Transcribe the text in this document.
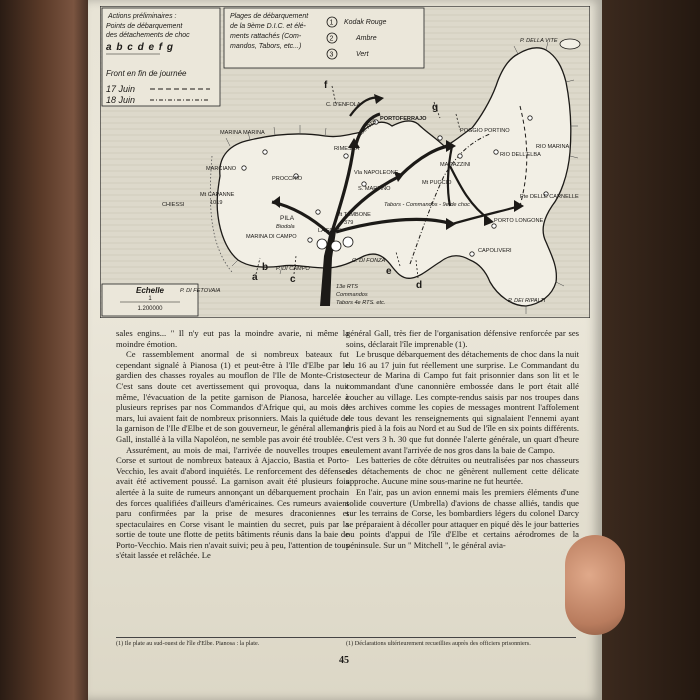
Actions préliminaires :
Points de débarquement
des détachements de choc
a b c d e f g
Front en fin de journée
17 Juin
18 Juin
Plages de débarquement
de la 9ème D.I.C. et élé-
ments rattachés (Com-
mandos, Tabors, etc...)
1
2
3
Kodak Rouge
Ambre
Vert
Echelle
1
1.200000
MARINA MARINA
MARCIANO
CHIESSI
Mt CAPANNE
1019
PROCCHIO
PILA
Biodola
RIMESSA
PORTOFERRAJO
C. D'ENFOLA
Vla NAPOLEONE
S. MARTINO
MARINA DI CAMPO
LA FOCE
Mt TAMBONE
379
Tabors - Commandos - 9e de choc
Mt PUCCIO
POGGIO PORTINO
MAGAZZINI
RIO DELL'ELBA
RIO MARINA
PORTO LONGONE
Pte DELLE CARNELLE
CAPOLIVERI
P. DELLA VITE
P. DI FETOVAIA
P. DI CAMPO
C. DI FONZA
P. DEI RIPALTI
13e RTS
Commandos
Tabors 4e RTS. etc.
13e RTS
a
b
c
d
e
f
g

sales engins... " Il n'y eut pas la moindre avarie, ni même la moindre émotion.

Ce rassemblement anormal de si nombreux bateaux fut cependant signalé à Pianosa (1) et peut-être à l'Ile d'Elbe par le gardien des chasses royales au mouflon de l'Ile de Monte-Cristo. C'est sans doute cet avertissement qui provoqua, dans la nuit même, l'évacuation de la petite garnison de Pianosa, harcelée à plusieurs reprises par nos Commandos d'Afrique qui, au mois de mars, lui avaient fait de nombreux prisonniers. Mais la quiétude de la garnison de l'Ile d'Elbe et de son gouverneur, le général allemand Gall, installé à la villa Napoléon, ne semble pas avoir été troublée.

Assurément, au mois de mai, l'arrivée de nouvelles troupes en Corse et surtout de nombreux bateaux à Ajaccio, Bastia et Porto-Vecchio, les avait d'abord inquiétés. Le renforcement des défenses avait été activement poussé. La garnison avait été plusieurs fois alertée à la suite de rumeurs annonçant un débarquement prochain des forces qualifiées d'ailleurs d'américaines. Ces rumeurs avaient paru confirmées par la prise de mesures draconiennes et spectaculaires en Corse visant le maintien du secret, puis par la sortie de toute une flotte de petits bâtiments réunis dans la baie de Porto-Vecchio. Mais rien n'avait suivi; peu à peu, l'attention de tous s'était lassée et relâchée. Le

général Gall, très fier de l'organisation défensive renforcée par ses soins, déclarait l'île imprenable (1).

Le brusque débarquement des détachements de choc dans la nuit du 16 au 17 juin fut réellement une surprise. Le Commandant du secteur de Marina di Campo fut fait prisonnier dans son lit et le commandant d'une canonnière embossée dans le port était allé coucher au village. Les compte-rendus saisis par nos troupes dans les archives comme les copies de messages montrent l'affolement de tous devant les renseignements qui signalaient l'ennemi ayant pris pied à la fois au Nord et au Sud de l'île en six points différents. C'est vers 3 h. 30 que fut donnée l'alerte générale, un quart d'heure seulement avant l'arrivée de nos gros dans la baie de Campo.

Les batteries de côte détruites ou neutralisées par nos chasseurs des détachements de choc ne gênèrent nullement cette délicate approche. Aucune mine sous-marine ne fut heurtée.

En l'air, pas un avion ennemi mais les premiers éléments d'une solide couverture (Umbrella) d'avions de chasse alliés, tandis que sur les terrains de Corse, les bombardiers légers du colonel Darcy se préparaient à décoller pour attaquer en piqué dès le jour batteries ou points d'appui de l'île d'Elbe et certains aérodromes de la péninsule. Sur un " Mitchell ", le général avia-

(1) Ile plate au sud-ouest de l'île d'Elbe. Pianosa : la plate.	(1) Déclarations ultérieurement recueillies auprès des officiers prisonniers.
45
